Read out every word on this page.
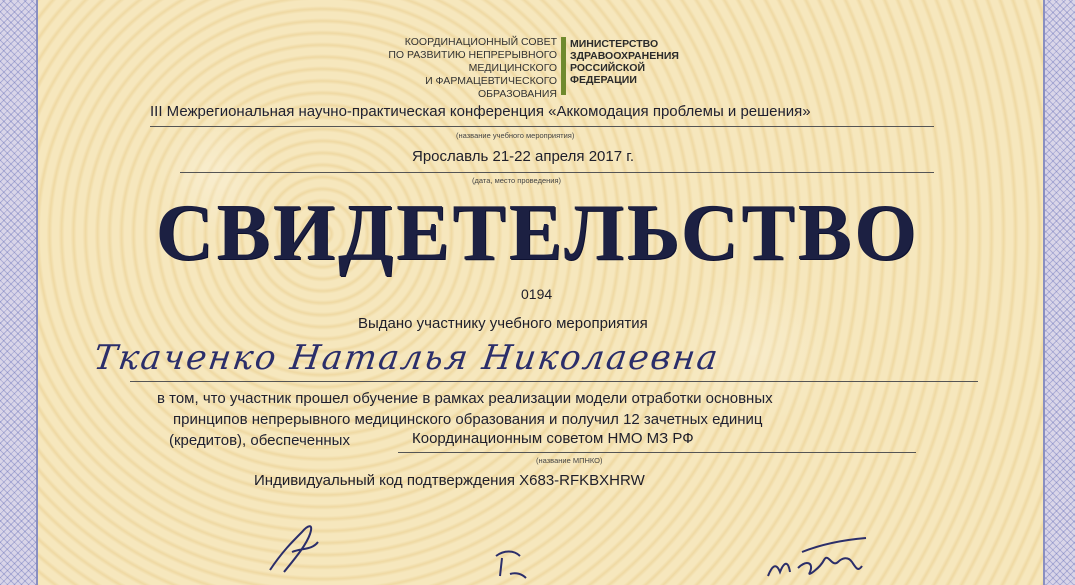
КООРДИНАЦИОННЫЙ СОВЕТ
ПО РАЗВИТИЮ НЕПРЕРЫВНОГО
МЕДИЦИНСКОГО
И ФАРМАЦЕВТИЧЕСКОГО
ОБРАЗОВАНИЯ
МИНИСТЕРСТВО
ЗДРАВООХРАНЕНИЯ
РОССИЙСКОЙ
ФЕДЕРАЦИИ
III Межрегиональная научно-практическая конференция «Аккомодация проблемы и решения»
(название учебного мероприятия)
Ярославль 21-22 апреля 2017 г.
(дата, место проведения)
СВИДЕТЕЛЬСТВО
0194
Выдано участнику учебного мероприятия
Ткаченко Наталья Николаевна
в том, что участник прошел обучение в рамках реализации модели отработки основных
принципов непрерывного медицинского образования и получил 12 зачетных единиц
(кредитов), обеспеченных	Координационным советом НМО МЗ РФ
(название МПНКО)
Индивидуальный код подтверждения Х683-RFKBXHRW
